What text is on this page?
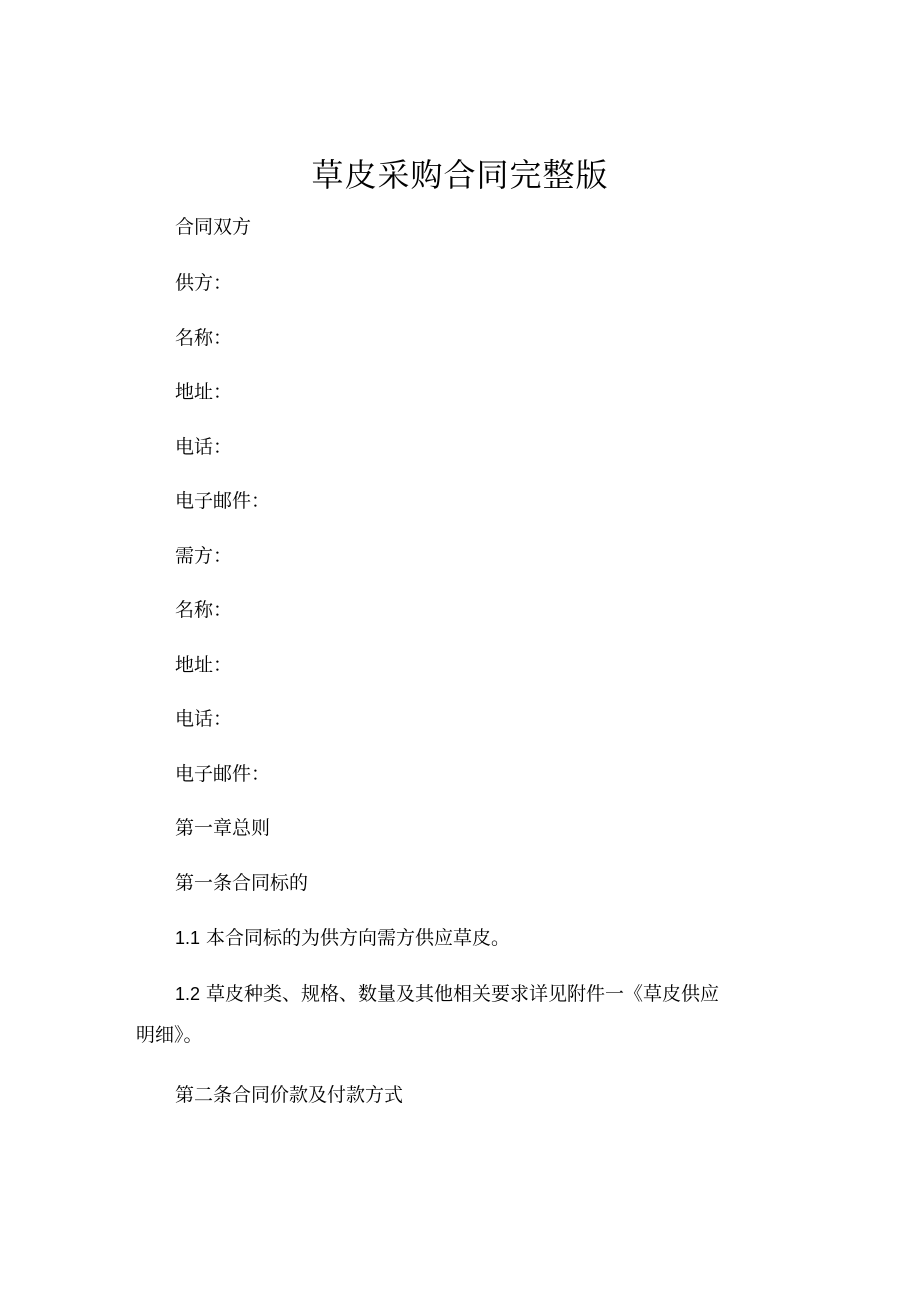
草皮采购合同完整版
合同双方
供方：
名称：
地址：
电话：
电子邮件：
需方：
名称：
地址：
电话：
电子邮件：
第一章总则
第一条合同标的
1.1 本合同标的为供方向需方供应草皮。
1.2 草皮种类、规格、数量及其他相关要求详见附件一《草皮供应
明细》。
第二条合同价款及付款方式
